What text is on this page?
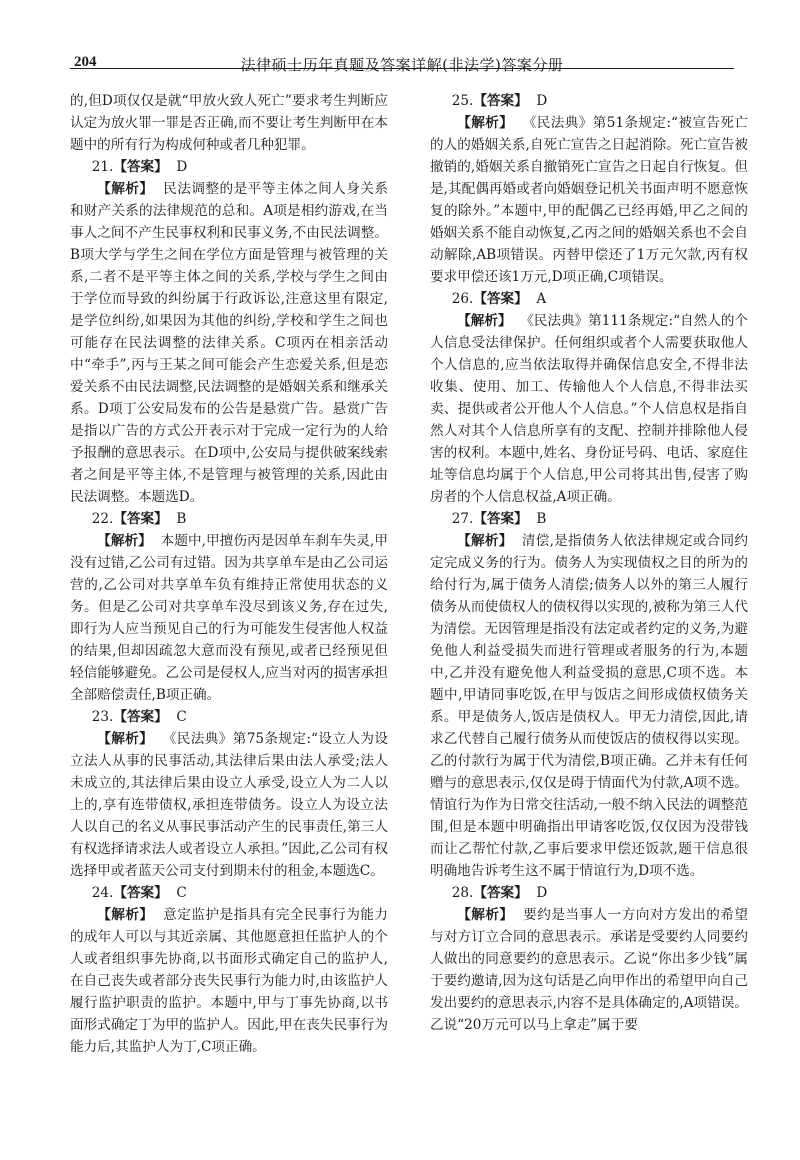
204	法律硕士历年真题及答案详解(非法学)答案分册

的,但D项仅仅是就“甲放火致人死亡”要求考生判断应认定为放火罪一罪是否正确,而不要让考生判断甲在本题中的所有行为构成何种或者几种犯罪。

21.【答案】 D

【解析】 民法调整的是平等主体之间人身关系和财产关系的法律规范的总和。A项是相约游戏,在当事人之间不产生民事权利和民事义务,不由民法调整。B项大学与学生之间在学位方面是管理与被管理的关系,二者不是平等主体之间的关系,学校与学生之间由于学位而导致的纠纷属于行政诉讼,注意这里有限定,是学位纠纷,如果因为其他的纠纷,学校和学生之间也可能存在民法调整的法律关系。C项丙在相亲活动中“牵手”,丙与王某之间可能会产生恋爱关系,但是恋爱关系不由民法调整,民法调整的是婚姻关系和继承关系。D项丁公安局发布的公告是悬赏广告。悬赏广告是指以广告的方式公开表示对于完成一定行为的人给予报酬的意思表示。在D项中,公安局与提供破案线索者之间是平等主体,不是管理与被管理的关系,因此由民法调整。本题选D。

22.【答案】 B

【解析】 本题中,甲擅伤丙是因单车刹车失灵,甲没有过错,乙公司有过错。因为共享单车是由乙公司运营的,乙公司对共享单车负有维持正常使用状态的义务。但是乙公司对共享单车没尽到该义务,存在过失,即行为人应当预见自己的行为可能发生侵害他人权益的结果,但却因疏忽大意而没有预见,或者已经预见但轻信能够避免。乙公司是侵权人,应当对丙的损害承担全部赔偿责任,B项正确。

23.【答案】 C

【解析】 《民法典》第75条规定:“设立人为设立法人从事的民事活动,其法律后果由法人承受;法人未成立的,其法律后果由设立人承受,设立人为二人以上的,享有连带债权,承担连带债务。设立人为设立法人以自己的名义从事民事活动产生的民事责任,第三人有权选择请求法人或者设立人承担。”因此,乙公司有权选择甲或者蓝天公司支付到期未付的租金,本题选C。

24.【答案】 C

【解析】 意定监护是指具有完全民事行为能力的成年人可以与其近亲属、其他愿意担任监护人的个人或者组织事先协商,以书面形式确定自己的监护人,在自己丧失或者部分丧失民事行为能力时,由该监护人履行监护职责的监护。本题中,甲与丁事先协商,以书面形式确定丁为甲的监护人。因此,甲在丧失民事行为能力后,其监护人为丁,C项正确。

25.【答案】 D

【解析】 《民法典》第51条规定:“被宣告死亡的人的婚姻关系,自死亡宣告之日起消除。死亡宣告被撤销的,婚姻关系自撤销死亡宣告之日起自行恢复。但是,其配偶再婚或者向婚姻登记机关书面声明不愿意恢复的除外。”本题中,甲的配偶乙已经再婚,甲乙之间的婚姻关系不能自动恢复,乙丙之间的婚姻关系也不会自动解除,AB项错误。丙替甲偿还了1万元欠款,丙有权要求甲偿还该1万元,D项正确,C项错误。

26.【答案】 A

【解析】 《民法典》第111条规定:“自然人的个人信息受法律保护。任何组织或者个人需要获取他人个人信息的,应当依法取得并确保信息安全,不得非法收集、使用、加工、传输他人个人信息,不得非法买卖、提供或者公开他人个人信息。”个人信息权是指自然人对其个人信息所享有的支配、控制并排除他人侵害的权利。本题中,姓名、身份证号码、电话、家庭住址等信息均属于个人信息,甲公司将其出售,侵害了购房者的个人信息权益,A项正确。

27.【答案】 B

【解析】 清偿,是指债务人依法律规定或合同约定完成义务的行为。债务人为实现债权之目的所为的给付行为,属于债务人清偿;债务人以外的第三人履行债务从而使债权人的债权得以实现的,被称为第三人代为清偿。无因管理是指没有法定或者约定的义务,为避免他人利益受损失而进行管理或者服务的行为,本题中,乙并没有避免他人利益受损的意思,C项不选。本题中,甲请同事吃饭,在甲与饭店之间形成债权债务关系。甲是债务人,饭店是债权人。甲无力清偿,因此,请求乙代替自己履行债务从而使饭店的债权得以实现。乙的付款行为属于代为清偿,B项正确。乙并未有任何赠与的意思表示,仅仅是碍于情面代为付款,A项不选。情谊行为作为日常交往活动,一般不纳入民法的调整范围,但是本题中明确指出甲请客吃饭,仅仅因为没带钱而让乙帮忙付款,乙事后要求甲偿还饭款,题干信息很明确地告诉考生这不属于情谊行为,D项不选。

28.【答案】 D

【解析】 要约是当事人一方向对方发出的希望与对方订立合同的意思表示。承诺是受要约人同要约人做出的同意要约的意思表示。乙说“你出多少钱”属于要约邀请,因为这句话是乙向甲作出的希望甲向自己发出要约的意思表示,内容不是具体确定的,A项错误。乙说“20万元可以马上拿走”属于要
